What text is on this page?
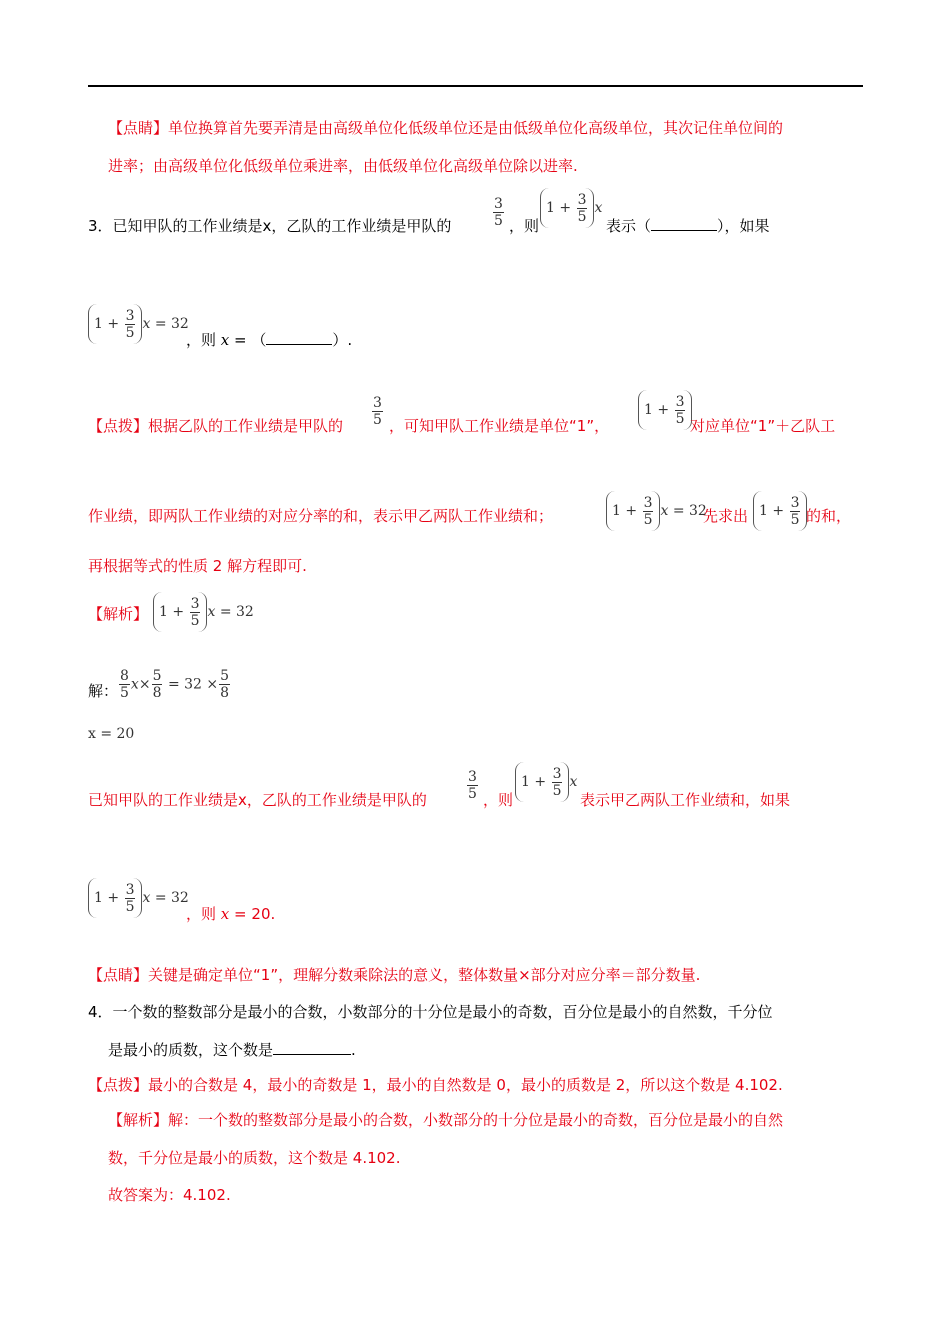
【点睛】单位换算首先要弄清是由高级单位化低级单位还是由低级单位化高级单位，其次记住单位间的
进率；由高级单位化低级单位乘进率，由低级单位化高级单位除以进率.
3．已知甲队的工作业绩是x，乙队的工作业绩是甲队的	$\frac{3}{5}$ ，则
1
+
$\frac{3}{5}$ x
表示（	），如果
1
+
$\frac{3}{5}$ x = 32
，则 x = （	）.
【点拨】根据乙队的工作业绩是甲队的 $\frac{3}{5}$ ，可知甲队工作业绩是单位“1”，
1
+
$\frac{3}{5}$ 对应单位“1”＋乙队工
作业绩，即两队工作业绩的对应分率的和，表示甲乙两队工作业绩和；	1
+
$\frac{3}{5}$ x = 32
先求出 1
+
$\frac{3}{5}$ 的和，
再根据等式的性质 2 解方程即可.
【解析】 1
+
$\frac{3}{5}$ x = 32
解： $\frac{8}{5} x\times \frac{5}{8} = 32 \times \frac{5}{8}$
x = 20
已知甲队的工作业绩是x，乙队的工作业绩是甲队的	$\frac{3}{5}$ ，则
1
+
$\frac{3}{5}$ x
表示甲乙两队工作业绩和，如果
1
+
$\frac{3}{5}$ x = 32
，则 x = 20.
【点睛】关键是确定单位“1”，理解分数乘除法的意义，整体数量×部分对应分率＝部分数量.
4．一个数的整数部分是最小的合数，小数部分的十分位是最小的奇数，百分位是最小的自然数，千分位
是最小的质数，这个数是	.
【点拨】最小的合数是 4，最小的奇数是 1，最小的自然数是 0，最小的质数是 2，所以这个数是 4.102.
【解析】解：一个数的整数部分是最小的合数，小数部分的十分位是最小的奇数，百分位是最小的自然
数，千分位是最小的质数，这个数是 4.102.
故答案为：4.102.
